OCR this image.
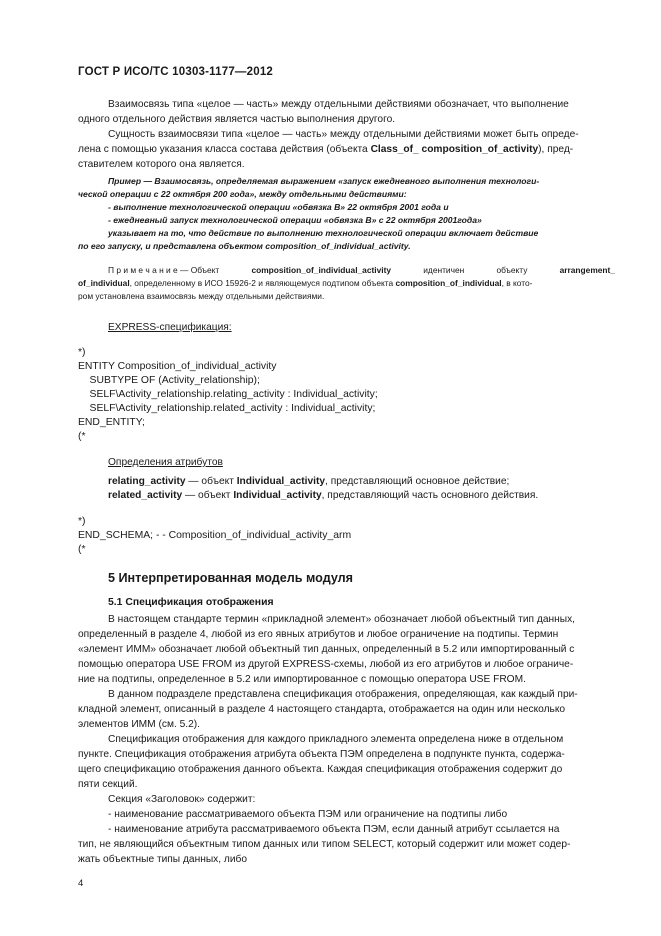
ГОСТ Р ИСО/ТС 10303-1177—2012
Взаимосвязь типа «целое — часть» между отдельными действиями обозначает, что выполнение
одного отдельного действия является частью выполнения другого.
Сущность взаимосвязи типа «целое — часть» между отдельными действиями может быть опреде-
лена с помощью указания класса состава действия (объекта Class_of_ composition_of_activity), пред-
ставителем которого она является.
Пример — Взаимосвязь, определяемая выражением «запуск ежедневного выполнения технологи-
ческой операции с 22 октября 200 года», между отдельными действиями:
- выполнение технологической операции «обвязка В» 22 октября 2001 года и
- ежедневный запуск технологической операции «обвязка В» с 22 октября 2001года»
указывает на то, что действие по выполнению технологической операции включает действие
по его запуску, и представлена объектом composition_of_individual_activity.
П р и м е ч а н и е — Объект	composition_of_individual_activity	идентичен	объекту	arrangement_
of_individual, определенному в ИСО 15926-2 и являющемуся подтипом объекта composition_of_individual, в кото-
ром установлена взаимосвязь между отдельными действиями.
EXPRESS-спецификация:
*)
ENTITY Composition_of_individual_activity
SUBTYPE OF (Activity_relationship);
SELF\Activity_relationship.relating_activity : Individual_activity;
SELF\Activity_relationship.related_activity : Individual_activity;
END_ENTITY;
(*
Определения атрибутов
relating_activity — объект Individual_activity, представляющий основное действие;
related_activity — объект Individual_activity, представляющий часть основного действия.
*)
END_SCHEMA; - - Composition_of_individual_activity_arm
(*
5 Интерпретированная модель модуля
5.1 Спецификация отображения
В настоящем стандарте термин «прикладной элемент» обозначает любой объектный тип данных,
определенный в разделе 4, любой из его явных атрибутов и любое ограничение на подтипы. Термин
«элемент ИММ» обозначает любой объектный тип данных, определенный в 5.2 или импортированный с
помощью оператора USE FROM из другой EXPRESS-схемы, любой из его атрибутов и любое ограниче-
ние на подтипы, определенное в 5.2 или импортированное с помощью оператора USE FROM.
В данном подразделе представлена спецификация отображения, определяющая, как каждый при-
кладной элемент, описанный в разделе 4 настоящего стандарта, отображается на один или несколько
элементов ИММ (см. 5.2).
Спецификация отображения для каждого прикладного элемента определена ниже в отдельном
пункте. Спецификация отображения атрибута объекта ПЭМ определена в подпункте пункта, содержа-
щего спецификацию отображения данного объекта. Каждая спецификация отображения содержит до
пяти секций.
Секция «Заголовок» содержит:
- наименование рассматриваемого объекта ПЭМ или ограничение на подтипы либо
- наименование атрибута рассматриваемого объекта ПЭМ, если данный атрибут ссылается на
тип, не являющийся объектным типом данных или типом SELECT, который содержит или может содер-
жать объектные типы данных, либо
4
